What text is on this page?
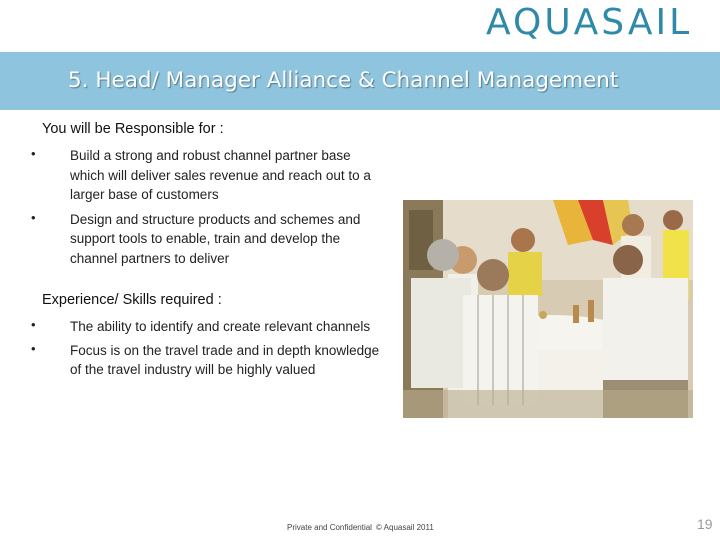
AQUASAIL
5. Head/ Manager Alliance & Channel Management
You will be Responsible for :
•	Build a strong and robust channel partner base which will deliver sales revenue and reach out to a larger base of customers
•	Design and structure products and schemes and support tools to enable, train and develop the channel partners to deliver
Experience/ Skills required :
•	The ability to identify and create relevant channels
•	Focus is on the travel trade and in depth knowledge of the travel industry will be highly valued
Private and Confidential © Aquasail 2011	19
